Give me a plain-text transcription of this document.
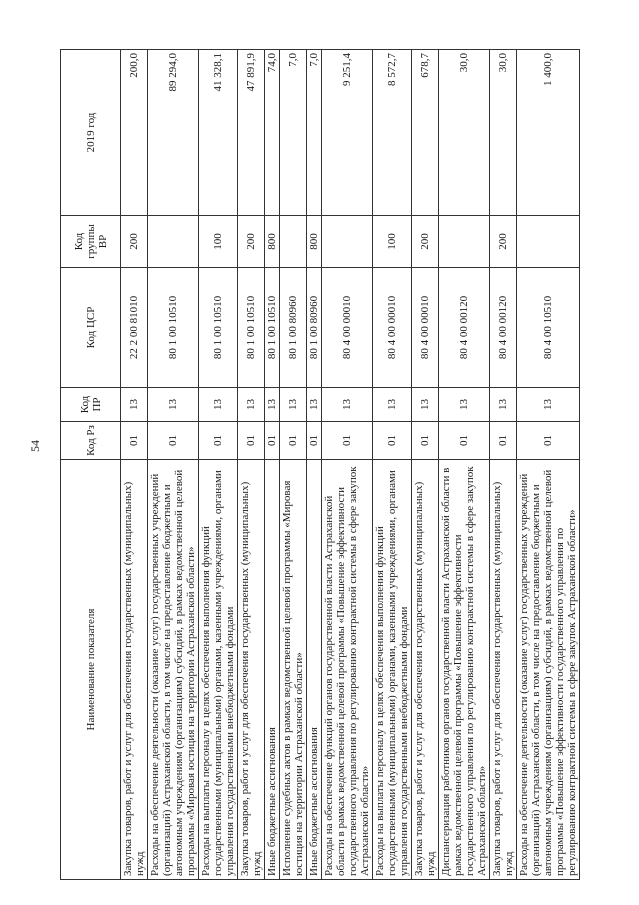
54
Наименование показателя	Код Рз	Код ПР	Код ЦСР	Код группы ВР	2019 год
Закупка товаров, работ и услуг для обеспечения государственных (муниципальных) нужд	01	13	22 2 00 81010	200	200,0
Расходы на обеспечение деятельности (оказание услуг) государственных учреждений (организаций) Астраханской области, в том числе на предоставление бюджетным и автономным учреждениям (организациям) субсидий, в рамках ведомственной целевой программы «Мировая юстиция на территории Астраханской области»	01	13	80 1 00 10510		89 294,0
Расходы на выплаты персоналу в целях обеспечения выполнения функций государственными (муниципальными) органами, казенными учреждениями, органами управления государственными внебюджетными фондами	01	13	80 1 00 10510	100	41 328,1
Закупка товаров, работ и услуг для обеспечения государственных (муниципальных) нужд	01	13	80 1 00 10510	200	47 891,9
Иные бюджетные ассигнования	01	13	80 1 00 10510	800	74,0
Исполнение судебных актов в рамках ведомственной целевой программы «Мировая юстиция на территории Астраханской области»	01	13	80 1 00 80960		7,0
Иные бюджетные ассигнования	01	13	80 1 00 80960	800	7,0
Расходы на обеспечение функций органов государственной власти Астраханской области в рамках ведомственной целевой программы «Повышение эффективности государственного управления по регулированию контрактной системы в сфере закупок Астраханской области»	01	13	80 4 00 00010		9 251,4
Расходы на выплаты персоналу в целях обеспечения выполнения функций государственными (муниципальными) органами, казенными учреждениями, органами управления государственными внебюджетными фондами	01	13	80 4 00 00010	100	8 572,7
Закупка товаров, работ и услуг для обеспечения государственных (муниципальных) нужд	01	13	80 4 00 00010	200	678,7
Диспансеризация работников органов государственной власти Астраханской области в рамках ведомственной целевой программы «Повышение эффективности государственного управления по регулированию контрактной системы в сфере закупок Астраханской области»	01	13	80 4 00 00120		30,0
Закупка товаров, работ и услуг для обеспечения государственных (муниципальных) нужд	01	13	80 4 00 00120	200	30,0
Расходы на обеспечение деятельности (оказание услуг) государственных учреждений (организаций) Астраханской области, в том числе на предоставление бюджетным и автономным учреждениям (организациям) субсидий, в рамках ведомственной целевой программы «Повышение эффективности государственного управления по регулированию контрактной системы в сфере закупок Астраханской области»	01	13	80 4 00 10510		1 400,0
